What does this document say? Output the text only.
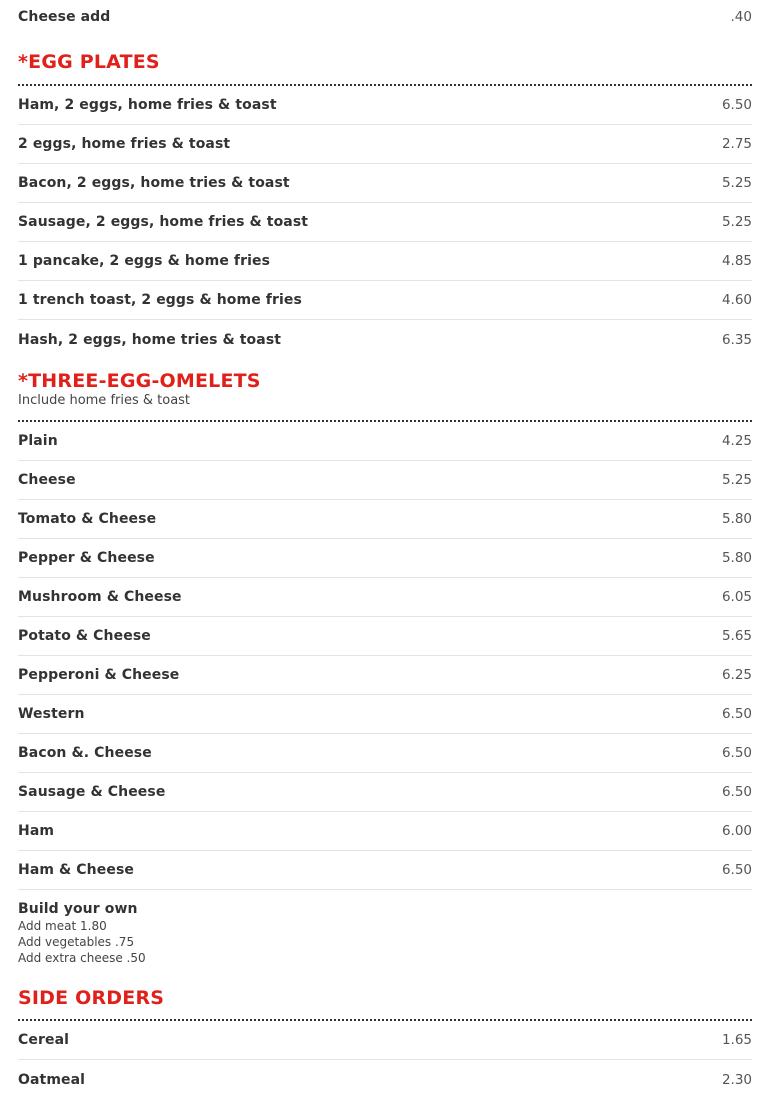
Cheese add	.40
*EGG PLATES
Ham, 2 eggs, home fries & toast	6.50
2 eggs, home fries & toast	2.75
Bacon, 2 eggs, home tries & toast	5.25
Sausage, 2 eggs, home fries & toast	5.25
1 pancake, 2 eggs & home fries	4.85
1 trench toast, 2 eggs & home fries	4.60
Hash, 2 eggs, home tries & toast	6.35
*THREE-EGG-OMELETS
Include home fries & toast
Plain	4.25
Cheese	5.25
Tomato & Cheese	5.80
Pepper & Cheese	5.80
Mushroom & Cheese	6.05
Potato & Cheese	5.65
Pepperoni & Cheese	6.25
Western	6.50
Bacon &. Cheese	6.50
Sausage & Cheese	6.50
Ham	6.00
Ham & Cheese	6.50
Build your own
Add meat 1.80
Add vegetables .75
Add extra cheese .50
SIDE ORDERS
Cereal	1.65
Oatmeal	2.30
